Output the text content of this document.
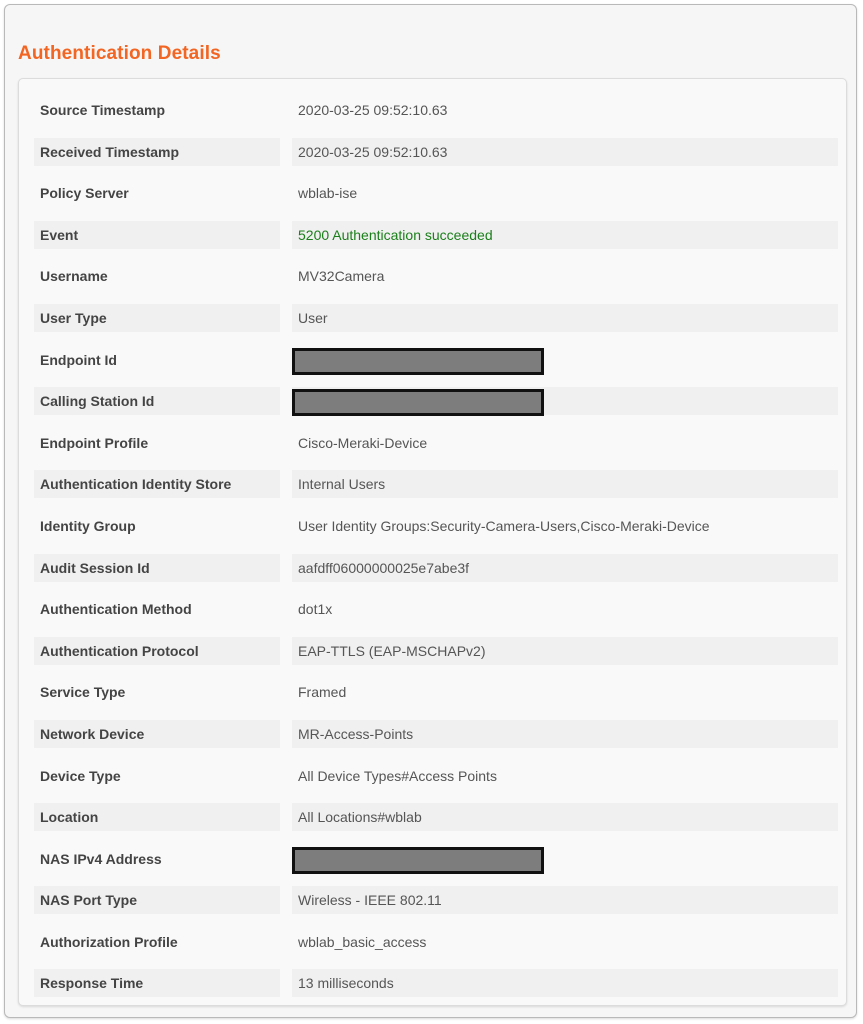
Authentication Details
Source Timestamp	2020-03-25 09:52:10.63
Received Timestamp	2020-03-25 09:52:10.63
Policy Server	wblab-ise
Event	5200 Authentication succeeded
Username	MV32Camera
User Type	User
Endpoint Id
Calling Station Id
Endpoint Profile	Cisco-Meraki-Device
Authentication Identity Store	Internal Users
Identity Group	User Identity Groups:Security-Camera-Users,Cisco-Meraki-Device
Audit Session Id	aafdff06000000025e7abe3f
Authentication Method	dot1x
Authentication Protocol	EAP-TTLS (EAP-MSCHAPv2)
Service Type	Framed
Network Device	MR-Access-Points
Device Type	All Device Types#Access Points
Location	All Locations#wblab
NAS IPv4 Address
NAS Port Type	Wireless - IEEE 802.11
Authorization Profile	wblab_basic_access
Response Time	13 milliseconds
